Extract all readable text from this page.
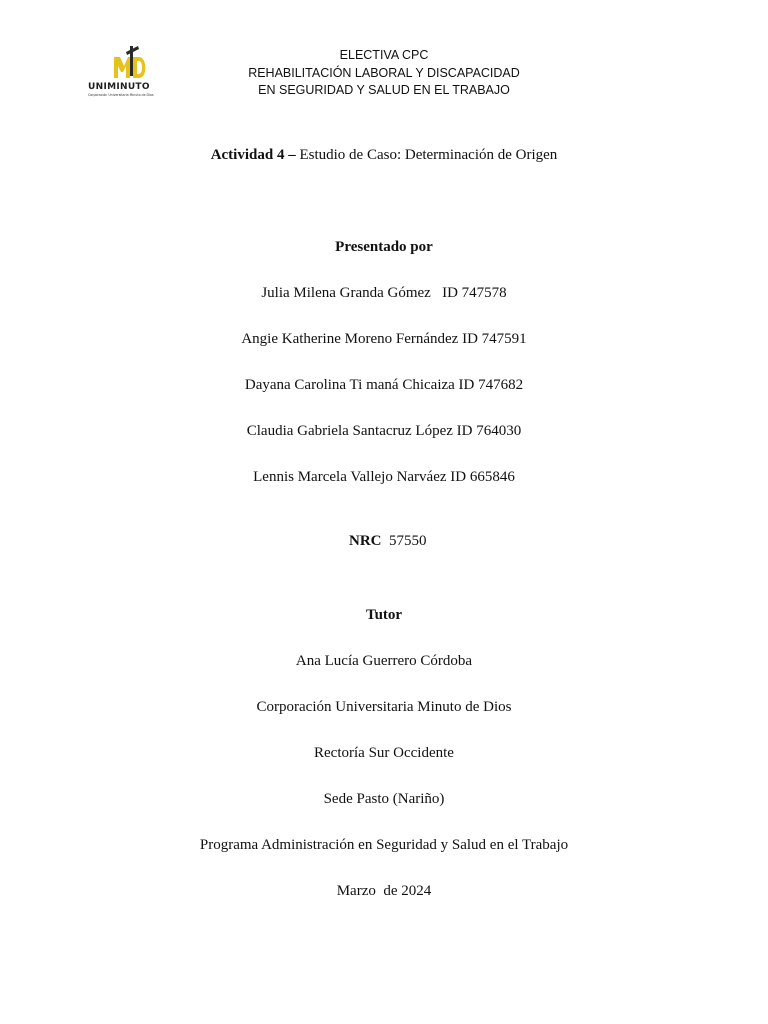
UNIMINUTO
Corporación Universitaria Minuto de Dios
ELECTIVA CPC
REHABILITACIÓN LABORAL Y DISCAPACIDAD
EN SEGURIDAD Y SALUD EN EL TRABAJO
Actividad 4 – Estudio de Caso: Determinación de Origen
Presentado por
Julia Milena Granda Gómez   ID 747578
Angie Katherine Moreno Fernández ID 747591
Dayana Carolina Ti maná Chicaiza ID 747682
Claudia Gabriela Santacruz López ID 764030
Lennis Marcela Vallejo Narváez ID 665846

NRC  57550

Tutor
Ana Lucía Guerrero Córdoba
Corporación Universitaria Minuto de Dios
Rectoría Sur Occidente
Sede Pasto (Nariño)
Programa Administración en Seguridad y Salud en el Trabajo
Marzo  de 2024
